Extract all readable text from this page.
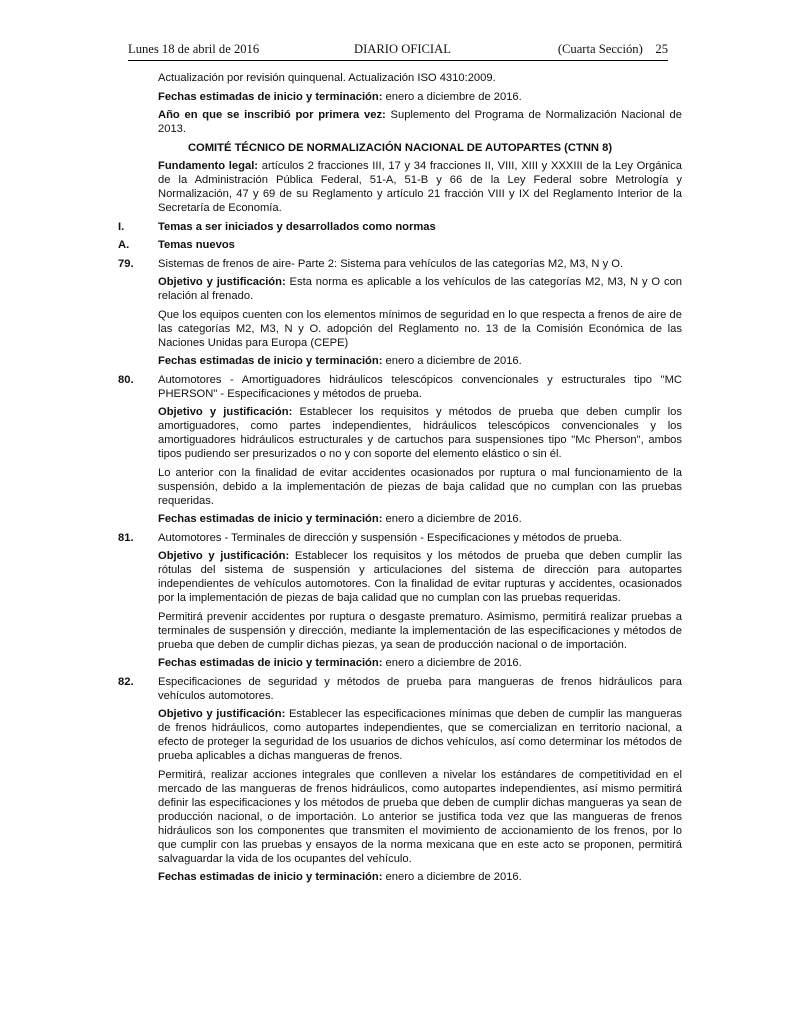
Lunes 18 de abril de 2016	DIARIO OFICIAL	(Cuarta Sección) 25

Actualización por revisión quinquenal. Actualización ISO 4310:2009.

Fechas estimadas de inicio y terminación: enero a diciembre de 2016.

Año en que se inscribió por primera vez: Suplemento del Programa de Normalización Nacional de 2013.

COMITÉ TÉCNICO DE NORMALIZACIÓN NACIONAL DE AUTOPARTES (CTNN 8)

Fundamento legal: artículos 2 fracciones III, 17 y 34 fracciones II, VIII, XIII y XXXIII de la Ley Orgánica de la Administración Pública Federal, 51-A, 51-B y 66 de la Ley Federal sobre Metrología y Normalización, 47 y 69 de su Reglamento y artículo 21 fracción VIII y IX del Reglamento Interior de la Secretaría de Economía.

I.	Temas a ser iniciados y desarrollados como normas

A.	Temas nuevos

79. Sistemas de frenos de aire- Parte 2: Sistema para vehículos de las categorías M2, M3, N y O.

Objetivo y justificación: Esta norma es aplicable a los vehículos de las categorías M2, M3, N y O con relación al frenado.

Que los equipos cuenten con los elementos mínimos de seguridad en lo que respecta a frenos de aire de las categorías M2, M3, N y O. adopción del Reglamento no. 13 de la Comisión Económica de las Naciones Unidas para Europa (CEPE)

Fechas estimadas de inicio y terminación: enero a diciembre de 2016.

80. Automotores - Amortiguadores hidráulicos telescópicos convencionales y estructurales tipo "MC PHERSON" - Especificaciones y métodos de prueba.

Objetivo y justificación: Establecer los requisitos y métodos de prueba que deben cumplir los amortiguadores, como partes independientes, hidráulicos telescópicos convencionales y los amortiguadores hidráulicos estructurales y de cartuchos para suspensiones tipo "Mc Pherson", ambos tipos pudiendo ser presurizados o no y con soporte del elemento elástico o sin él.

Lo anterior con la finalidad de evitar accidentes ocasionados por ruptura o mal funcionamiento de la suspensión, debido a la implementación de piezas de baja calidad que no cumplan con las pruebas requeridas.

Fechas estimadas de inicio y terminación: enero a diciembre de 2016.

81. Automotores - Terminales de dirección y suspensión - Especificaciones y métodos de prueba.

Objetivo y justificación: Establecer los requisitos y los métodos de prueba que deben cumplir las rótulas del sistema de suspensión y articulaciones del sistema de dirección para autopartes independientes de vehículos automotores. Con la finalidad de evitar rupturas y accidentes, ocasionados por la implementación de piezas de baja calidad que no cumplan con las pruebas requeridas.

Permitirá prevenir accidentes por ruptura o desgaste prematuro. Asimismo, permitirá realizar pruebas a terminales de suspensión y dirección, mediante la implementación de las especificaciones y métodos de prueba que deben de cumplir dichas piezas, ya sean de producción nacional o de importación.

Fechas estimadas de inicio y terminación: enero a diciembre de 2016.

82. Especificaciones de seguridad y métodos de prueba para mangueras de frenos hidráulicos para vehículos automotores.

Objetivo y justificación: Establecer las especificaciones mínimas que deben de cumplir las mangueras de frenos hidráulicos, como autopartes independientes, que se comercializan en territorio nacional, a efecto de proteger la seguridad de los usuarios de dichos vehículos, así como determinar los métodos de prueba aplicables a dichas mangueras de frenos.

Permitirá, realizar acciones integrales que conlleven a nivelar los estándares de competitividad en el mercado de las mangueras de frenos hidráulicos, como autopartes independientes, así mismo permitirá definir las especificaciones y los métodos de prueba que deben de cumplir dichas mangueras ya sean de producción nacional, o de importación. Lo anterior se justifica toda vez que las mangueras de frenos hidráulicos son los componentes que transmiten el movimiento de accionamiento de los frenos, por lo que cumplir con las pruebas y ensayos de la norma mexicana que en este acto se proponen, permitirá salvaguardar la vida de los ocupantes del vehículo.

Fechas estimadas de inicio y terminación: enero a diciembre de 2016.
